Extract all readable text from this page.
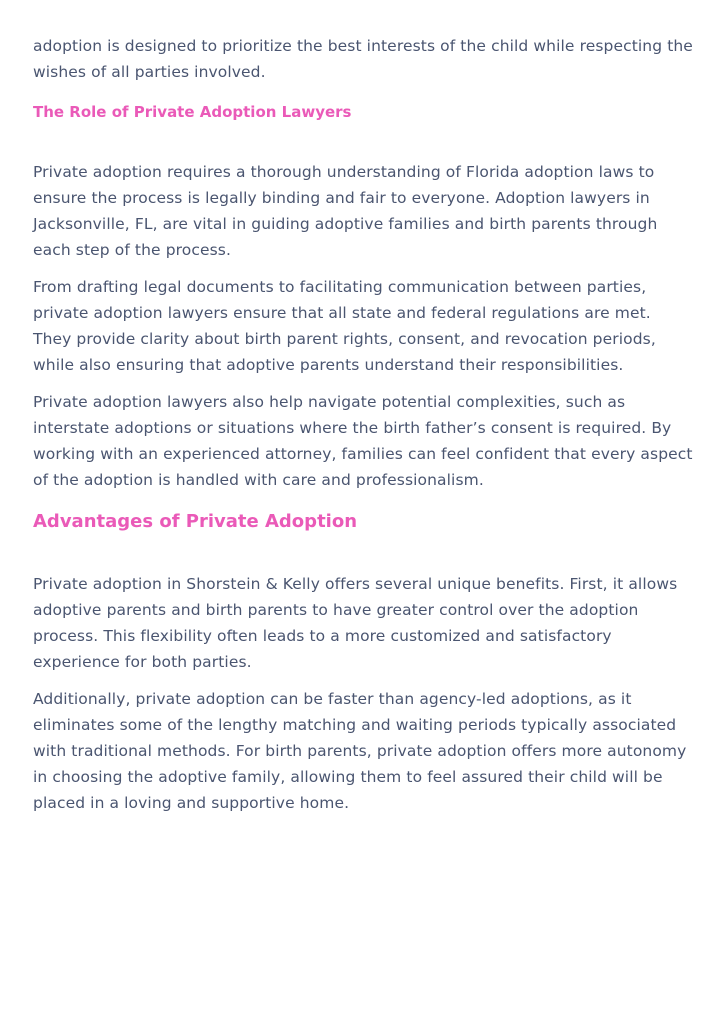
adoption is designed to prioritize the best interests of the child while respecting the wishes of all parties involved.

The Role of Private Adoption Lawyers

Private adoption requires a thorough understanding of Florida adoption laws to ensure the process is legally binding and fair to everyone. Adoption lawyers in Jacksonville, FL, are vital in guiding adoptive families and birth parents through each step of the process.

From drafting legal documents to facilitating communication between parties, private adoption lawyers ensure that all state and federal regulations are met. They provide clarity about birth parent rights, consent, and revocation periods, while also ensuring that adoptive parents understand their responsibilities.

Private adoption lawyers also help navigate potential complexities, such as interstate adoptions or situations where the birth father’s consent is required. By working with an experienced attorney, families can feel confident that every aspect of the adoption is handled with care and professionalism.

Advantages of Private Adoption

Private adoption in Shorstein & Kelly offers several unique benefits. First, it allows adoptive parents and birth parents to have greater control over the adoption process. This flexibility often leads to a more customized and satisfactory experience for both parties.

Additionally, private adoption can be faster than agency-led adoptions, as it eliminates some of the lengthy matching and waiting periods typically associated with traditional methods. For birth parents, private adoption offers more autonomy in choosing the adoptive family, allowing them to feel assured their child will be placed in a loving and supportive home.
